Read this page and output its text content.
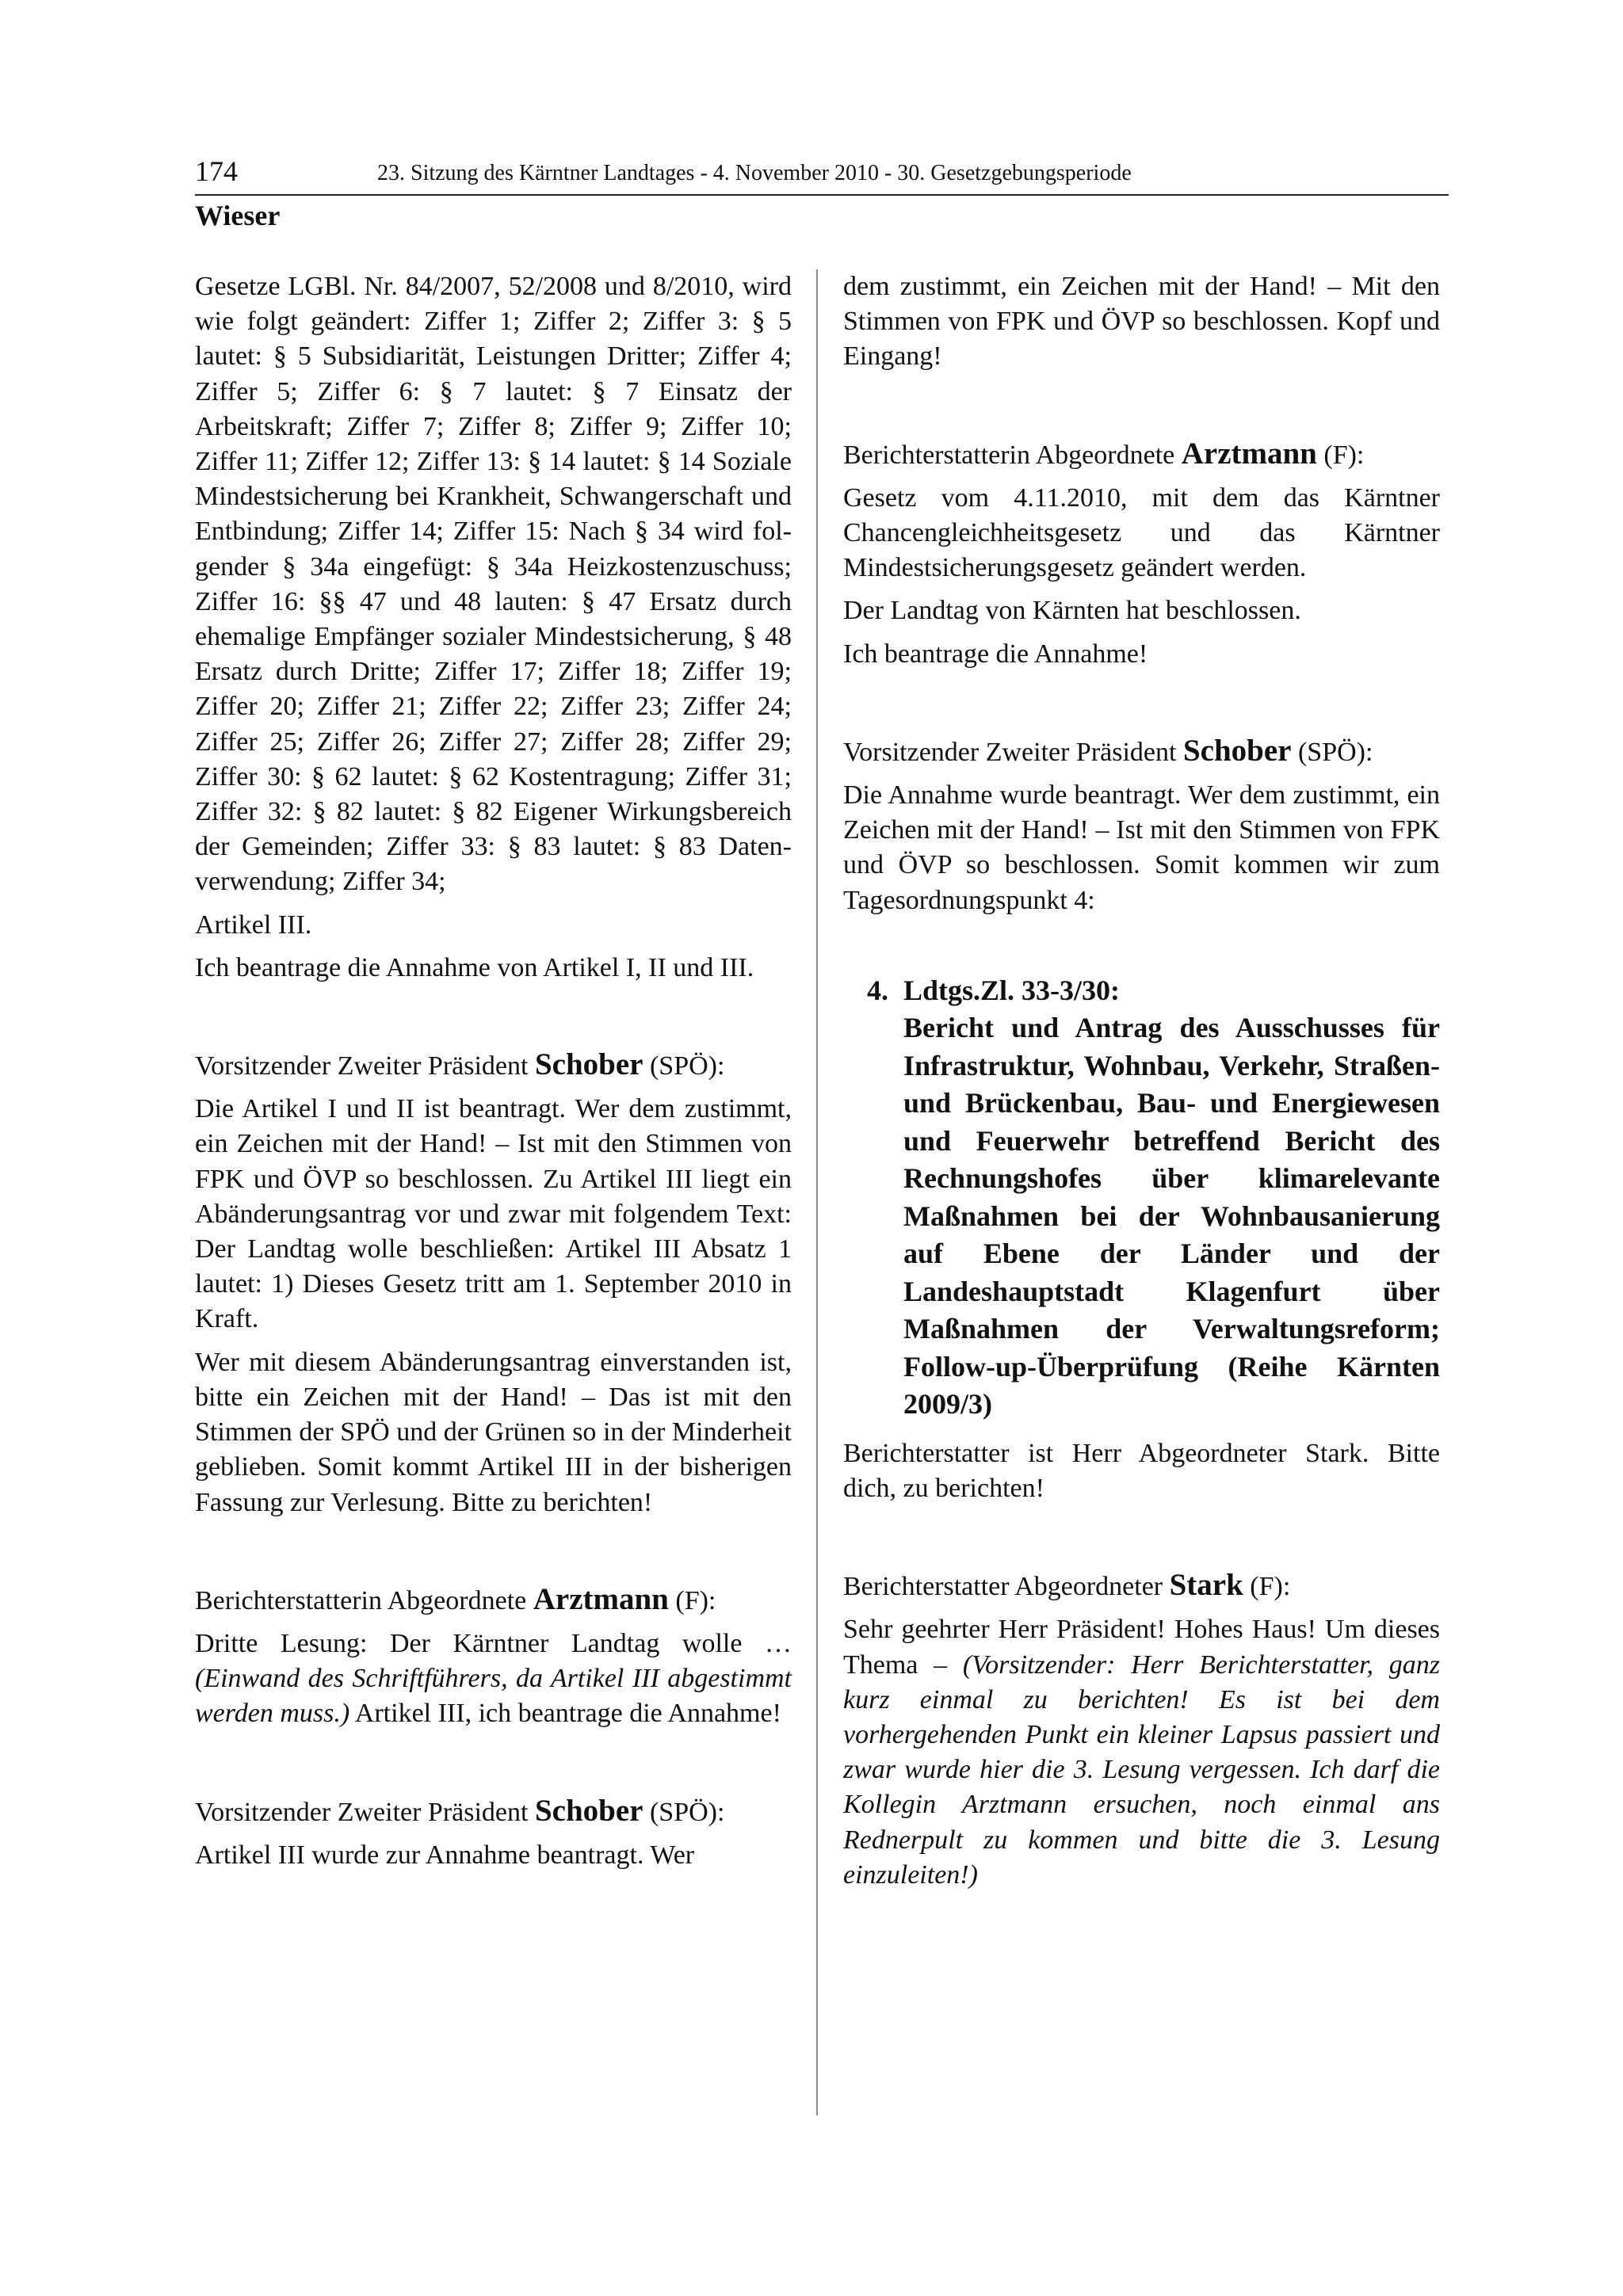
174	23. Sitzung des Kärntner Landtages - 4. November 2010 - 30. Gesetzgebungsperiode
Wieser

Gesetze LGBl. Nr. 84/2007, 52/2008 und 8/2010, wird wie folgt geändert: Ziffer 1; Ziffer 2; Ziffer 3: § 5 lautet: § 5 Subsidiarität, Leistungen Dritter; Ziffer 4; Ziffer 5; Ziffer 6: § 7 lautet: § 7 Einsatz der Arbeitskraft; Ziffer 7; Ziffer 8; Ziffer 9; Ziffer 10; Ziffer 11; Ziffer 12; Ziffer 13: § 14 lautet: § 14 Soziale Mindestsicherung bei Krankheit, Schwangerschaft und Entbindung; Ziffer 14; Ziffer 15: Nach § 34 wird folgender § 34a eingefügt: § 34a Heizkostenzuschuss; Ziffer 16: §§ 47 und 48 lauten: § 47 Ersatz durch ehemalige Empfänger sozialer Mindestsicherung, § 48 Ersatz durch Dritte; Ziffer 17; Ziffer 18; Ziffer 19; Ziffer 20; Ziffer 21; Ziffer 22; Ziffer 23; Ziffer 24; Ziffer 25; Ziffer 26; Ziffer 27; Ziffer 28; Ziffer 29; Ziffer 30: § 62 lautet: § 62 Kostentragung; Ziffer 31; Ziffer 32: § 82 lautet: § 82 Eigener Wirkungsbereich der Gemeinden; Ziffer 33: § 83 lautet: § 83 Datenverwendung; Ziffer 34;

Artikel III.

Ich beantrage die Annahme von Artikel I, II und III.

Vorsitzender Zweiter Präsident Schober (SPÖ):

Die Artikel I und II ist beantragt. Wer dem zustimmt, ein Zeichen mit der Hand! – Ist mit den Stimmen von FPK und ÖVP so beschlossen. Zu Artikel III liegt ein Abänderungsantrag vor und zwar mit folgendem Text: Der Landtag wolle beschließen: Artikel III Absatz 1 lautet: 1) Dieses Gesetz tritt am 1. September 2010 in Kraft.

Wer mit diesem Abänderungsantrag einverstanden ist, bitte ein Zeichen mit der Hand! – Das ist mit den Stimmen der SPÖ und der Grünen so in der Minderheit geblieben. Somit kommt Artikel III in der bisherigen Fassung zur Verlesung. Bitte zu berichten!

Berichterstatterin Abgeordnete Arztmann (F):

Dritte Lesung: Der Kärntner Landtag wolle … (Einwand des Schriftführers, da Artikel III abgestimmt werden muss.) Artikel III, ich beantrage die Annahme!

Vorsitzender Zweiter Präsident Schober (SPÖ):

Artikel III wurde zur Annahme beantragt. Wer

dem zustimmt, ein Zeichen mit der Hand! – Mit den Stimmen von FPK und ÖVP so beschlossen. Kopf und Eingang!

Berichterstatterin Abgeordnete Arztmann (F):

Gesetz vom 4.11.2010, mit dem das Kärntner Chancengleichheitsgesetz und das Kärntner Mindestsicherungsgesetz geändert werden.

Der Landtag von Kärnten hat beschlossen.

Ich beantrage die Annahme!

Vorsitzender Zweiter Präsident Schober (SPÖ):

Die Annahme wurde beantragt. Wer dem zustimmt, ein Zeichen mit der Hand! – Ist mit den Stimmen von FPK und ÖVP so beschlossen. Somit kommen wir zum Tagesordnungspunkt 4:

4. Ldtgs.Zl. 33-3/30:
Bericht und Antrag des Ausschusses für Infrastruktur, Wohnbau, Verkehr, Straßen- und Brückenbau, Bau- und Energiewesen und Feuerwehr betreffend Bericht des Rechnungshofes über klimarelevante Maßnahmen bei der Wohnbausanierung auf Ebene der Länder und der Landeshauptstadt Klagenfurt über Maßnahmen der Verwaltungsreform; Follow-up-Überprüfung (Reihe Kärnten 2009/3)

Berichterstatter ist Herr Abgeordneter Stark. Bitte dich, zu berichten!

Berichterstatter Abgeordneter Stark (F):

Sehr geehrter Herr Präsident! Hohes Haus! Um dieses Thema – (Vorsitzender: Herr Berichterstatter, ganz kurz einmal zu berichten! Es ist bei dem vorhergehenden Punkt ein kleiner Lapsus passiert und zwar wurde hier die 3. Lesung vergessen. Ich darf die Kollegin Arztmann ersuchen, noch einmal ans Rednerpult zu kommen und bitte die 3. Lesung einzuleiten!)
